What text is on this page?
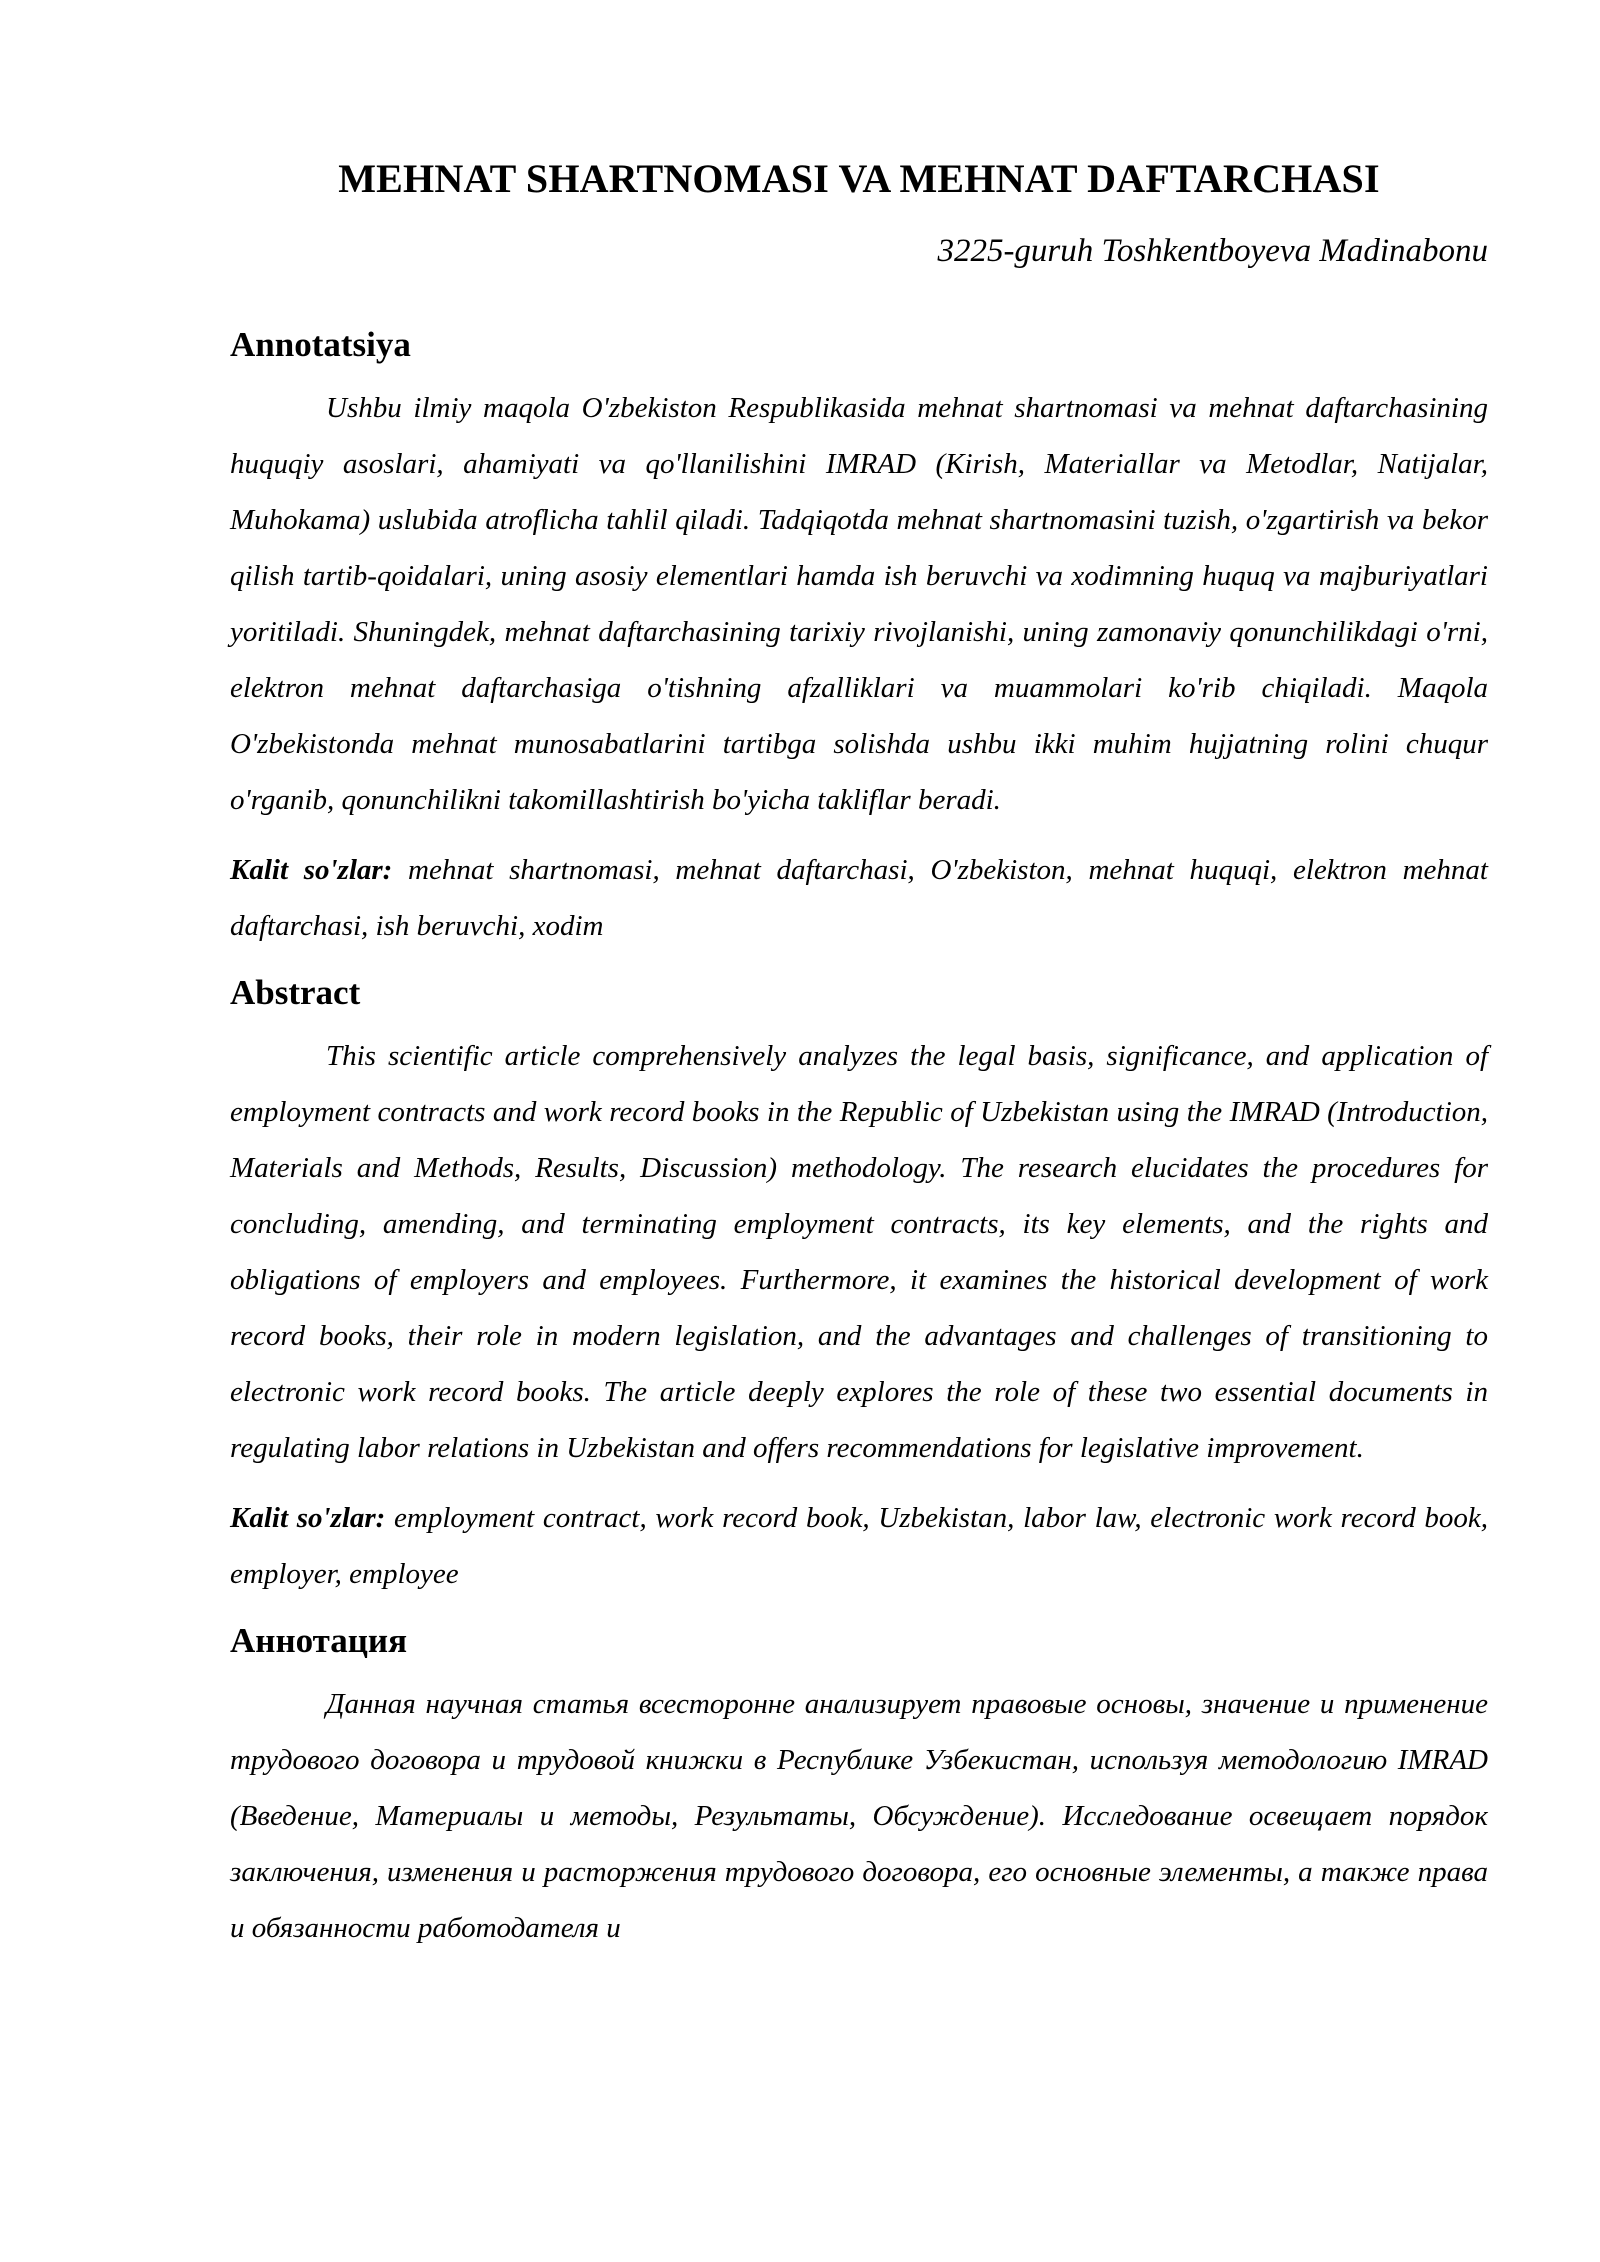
MEHNAT SHARTNOMASI VA MEHNAT DAFTARCHASI

3225-guruh Toshkentboyeva Madinabonu

Annotatsiya

Ushbu ilmiy maqola O'zbekiston Respublikasida mehnat shartnomasi va mehnat daftarchasining huquqiy asoslari, ahamiyati va qo'llanilishini IMRAD (Kirish, Materiallar va Metodlar, Natijalar, Muhokama) uslubida atroflicha tahlil qiladi. Tadqiqotda mehnat shartnomasini tuzish, o'zgartirish va bekor qilish tartib-qoidalari, uning asosiy elementlari hamda ish beruvchi va xodimning huquq va majburiyatlari yoritiladi. Shuningdek, mehnat daftarchasining tarixiy rivojlanishi, uning zamonaviy qonunchilikdagi o'rni, elektron mehnat daftarchasiga o'tishning afzalliklari va muammolari ko'rib chiqiladi. Maqola O'zbekistonda mehnat munosabatlarini tartibga solishda ushbu ikki muhim hujjatning rolini chuqur o'rganib, qonunchilikni takomillashtirish bo'yicha takliflar beradi.

Kalit so'zlar: mehnat shartnomasi, mehnat daftarchasi, O'zbekiston, mehnat huquqi, elektron mehnat daftarchasi, ish beruvchi, xodim

Abstract

This scientific article comprehensively analyzes the legal basis, significance, and application of employment contracts and work record books in the Republic of Uzbekistan using the IMRAD (Introduction, Materials and Methods, Results, Discussion) methodology. The research elucidates the procedures for concluding, amending, and terminating employment contracts, its key elements, and the rights and obligations of employers and employees. Furthermore, it examines the historical development of work record books, their role in modern legislation, and the advantages and challenges of transitioning to electronic work record books. The article deeply explores the role of these two essential documents in regulating labor relations in Uzbekistan and offers recommendations for legislative improvement.

Kalit so'zlar: employment contract, work record book, Uzbekistan, labor law, electronic work record book, employer, employee

Аннотация

Данная научная статья всесторонне анализирует правовые основы, значение и применение трудового договора и трудовой книжки в Республике Узбекистан, используя методологию IMRAD (Введение, Материалы и методы, Результаты, Обсуждение). Исследование освещает порядок заключения, изменения и расторжения трудового договора, его основные элементы, а также права и обязанности работодателя и
